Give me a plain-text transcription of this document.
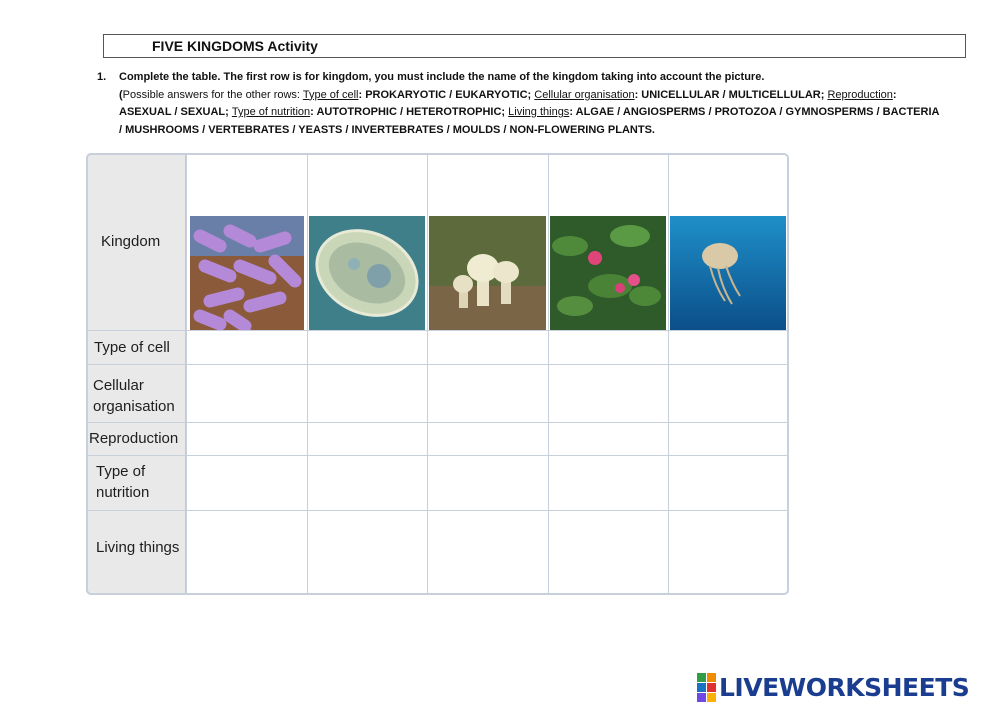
FIVE KINGDOMS Activity
1. Complete the table. The first row is for kingdom, you must include the name of the kingdom taking into account the picture.
(Possible answers for the other rows: Type of cell: PROKARYOTIC / EUKARYOTIC; Cellular organisation: UNICELLULAR / MULTICELLULAR; Reproduction:
ASEXUAL / SEXUAL; Type of nutrition: AUTOTROPHIC / HETEROTROPHIC; Living things: ALGAE / ANGIOSPERMS / PROTOZOA / GYMNOSPERMS / BACTERIA
/ MUSHROOMS / VERTEBRATES / YEASTS / INVERTEBRATES / MOULDS / NON-FLOWERING PLANTS.
Kingdom
Type of cell
Cellular organisation
Reproduction
Type of nutrition
Living things
LIVEWORKSHEETS
